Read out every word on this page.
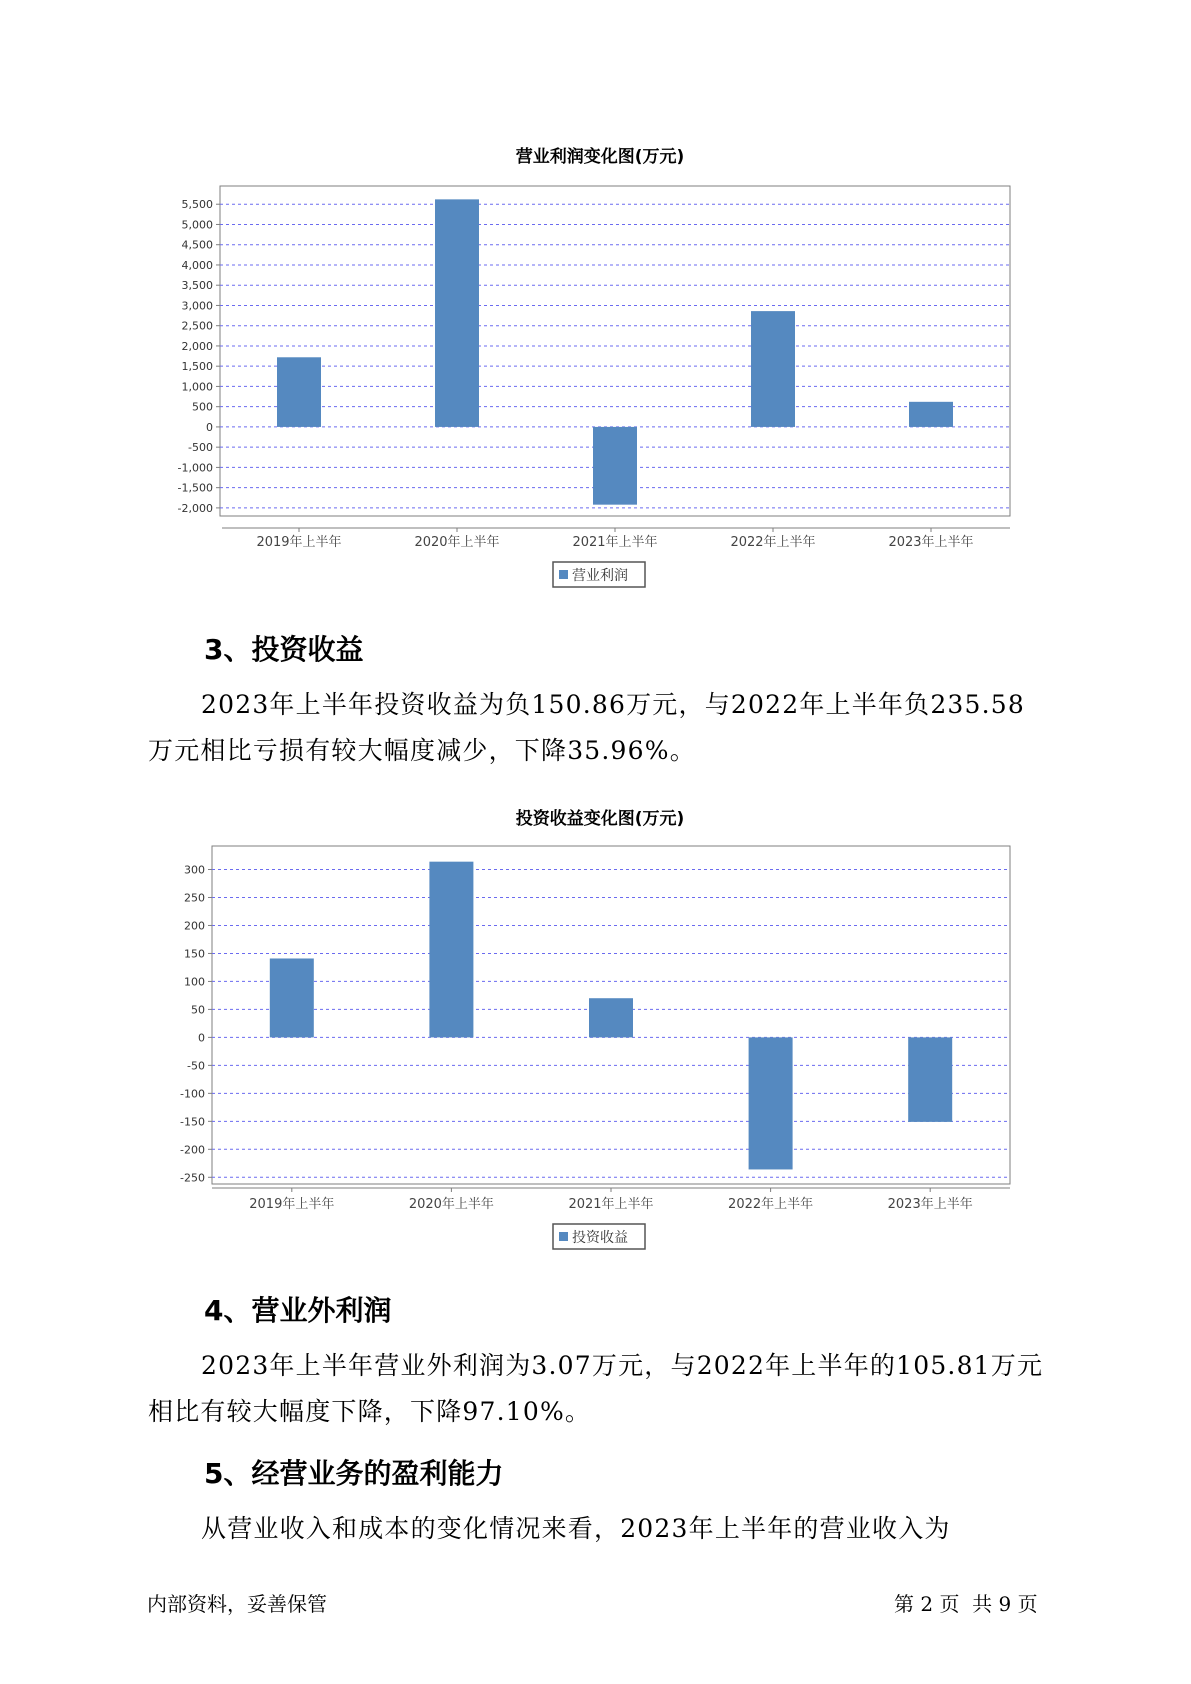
营业利润变化图(万元)
-2,000
-1,500
-1,000
-500
0
500
1,000
1,500
2,000
2,500
3,000
3,500
4,000
4,500
5,000
5,500
2019年上半年	2020年上半年	2021年上半年	2022年上半年	2023年上半年
营业利润
3、投资收益
2023年上半年投资收益为负150.86万元，与2022年上半年负235.58万元相比亏损有较大幅度减少，下降35.96%。
投资收益变化图(万元)
-250
-200
-150
-100
-50
0
50
100
150
200
250
300
2019年上半年	2020年上半年	2021年上半年	2022年上半年	2023年上半年
投资收益
4、营业外利润
2023年上半年营业外利润为3.07万元，与2022年上半年的105.81万元相比有较大幅度下降，下降97.10%。
5、经营业务的盈利能力
从营业收入和成本的变化情况来看，2023年上半年的营业收入为
内部资料，妥善保管	第 2 页  共 9 页
